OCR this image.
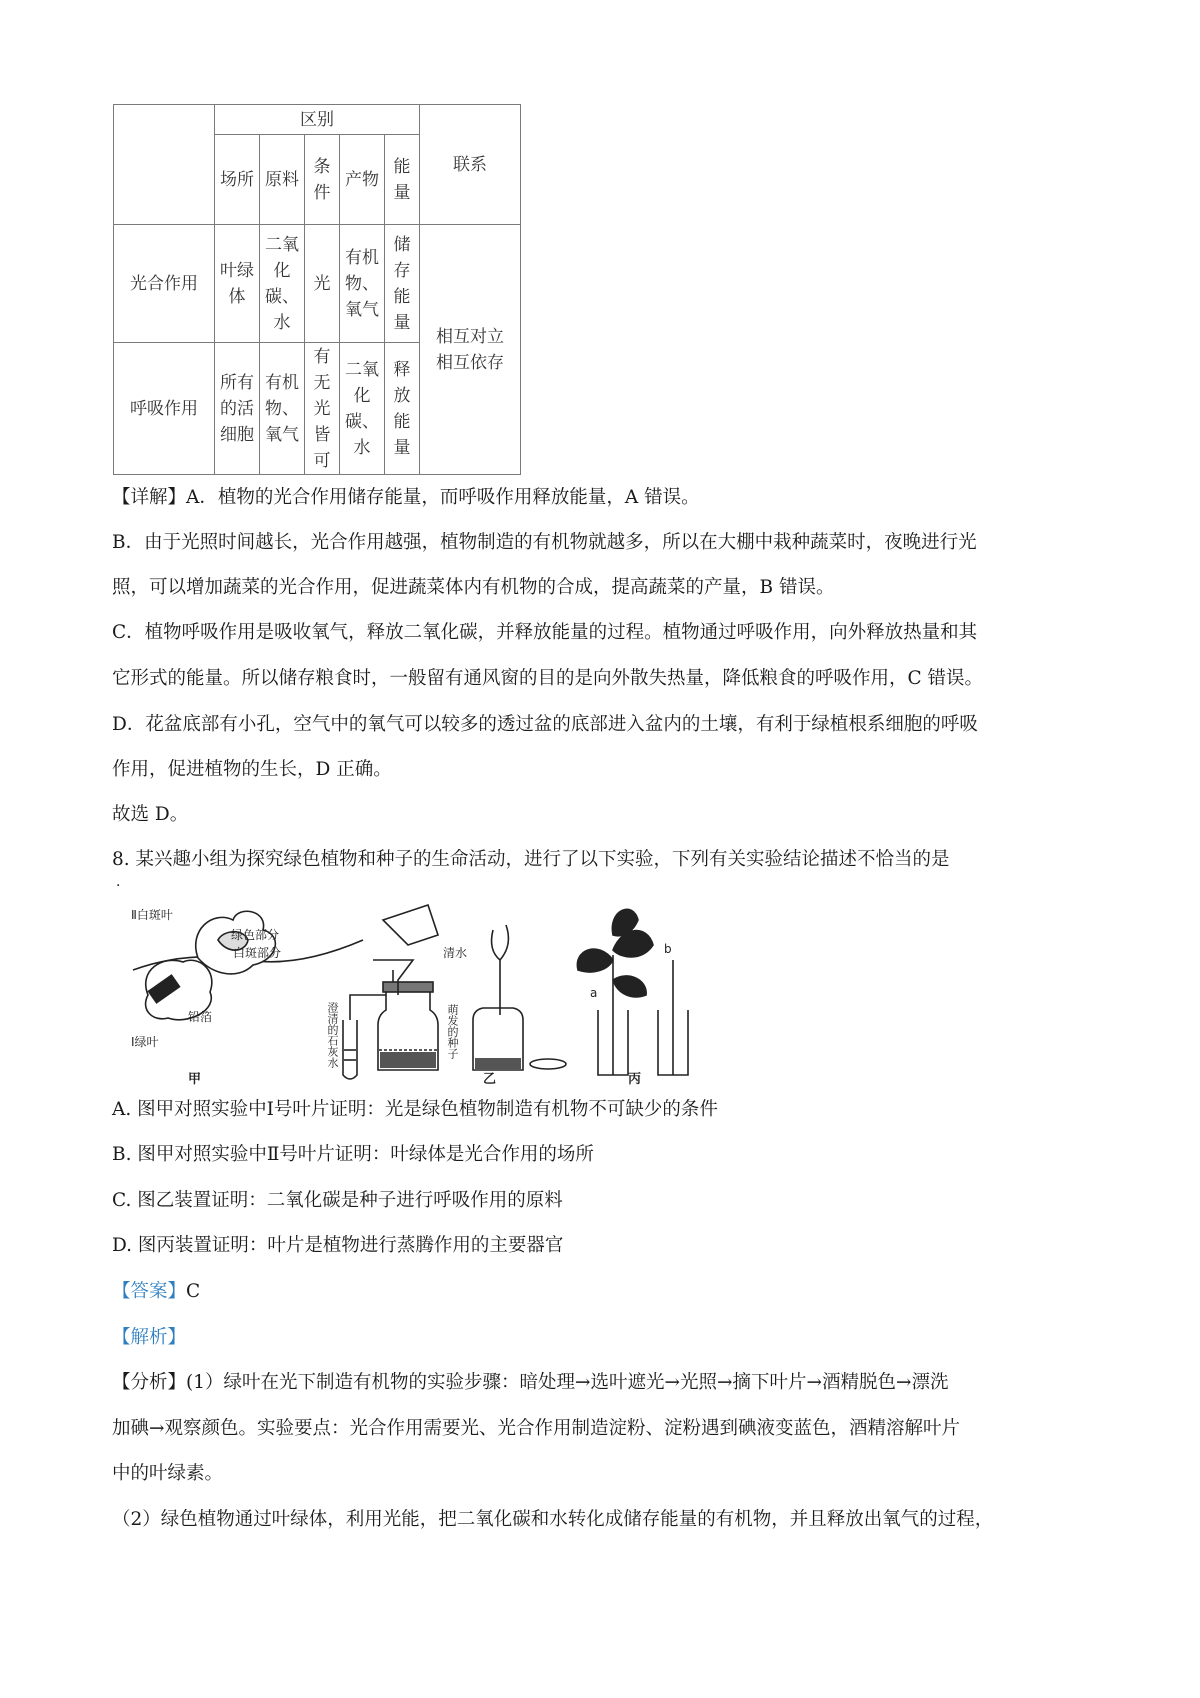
	区别					联系
	场所	原料	条件	产物	能量	

光合作用	叶绿体	二氧化碳、水	光	有机物、氧气	储存能量	相互对立
相互依存

呼吸作用	所有的活细胞	有机物、氧气	有无光皆可	二氧化碳、水	释放能量	
【详解】A．植物的光合作用储存能量，而呼吸作用释放能量，A 错误。
B．由于光照时间越长，光合作用越强，植物制造的有机物就越多，所以在大棚中栽种蔬菜时，夜晚进行光
照，可以增加蔬菜的光合作用，促进蔬菜体内有机物的合成，提高蔬菜的产量，B 错误。
C．植物呼吸作用是吸收氧气，释放二氧化碳，并释放能量的过程。植物通过呼吸作用，向外释放热量和其
它形式的能量。所以储存粮食时，一般留有通风窗的目的是向外散失热量，降低粮食的呼吸作用，C 错误。
D．花盆底部有小孔，空气中的氧气可以较多的透过盆的底部进入盆内的土壤，有利于绿植根系细胞的呼吸
作用，促进植物的生长，D 正确。
故选 D。
8. 某兴趣小组为探究绿色植物和种子的生命活动，进行了以下实验，下列有关实验结论描述不恰当的是
·
Ⅱ白斑叶
绿色部分
白斑部分
铅箔
Ⅰ绿叶
甲
清水
澄清的石灰水	萌发的种子
乙
a
b
丙
A. 图甲对照实验中Ⅰ号叶片证明：光是绿色植物制造有机物不可缺少的条件
B. 图甲对照实验中Ⅱ号叶片证明：叶绿体是光合作用的场所
C. 图乙装置证明：二氧化碳是种子进行呼吸作用的原料
D. 图丙装置证明：叶片是植物进行蒸腾作用的主要器官
【答案】C
【解析】
【分析】(1）绿叶在光下制造有机物的实验步骤：暗处理→选叶遮光→光照→摘下叶片→酒精脱色→漂洗
加碘→观察颜色。实验要点：光合作用需要光、光合作用制造淀粉、淀粉遇到碘液变蓝色，酒精溶解叶片
中的叶绿素。
（2）绿色植物通过叶绿体，利用光能，把二氧化碳和水转化成储存能量的有机物，并且释放出氧气的过程，
